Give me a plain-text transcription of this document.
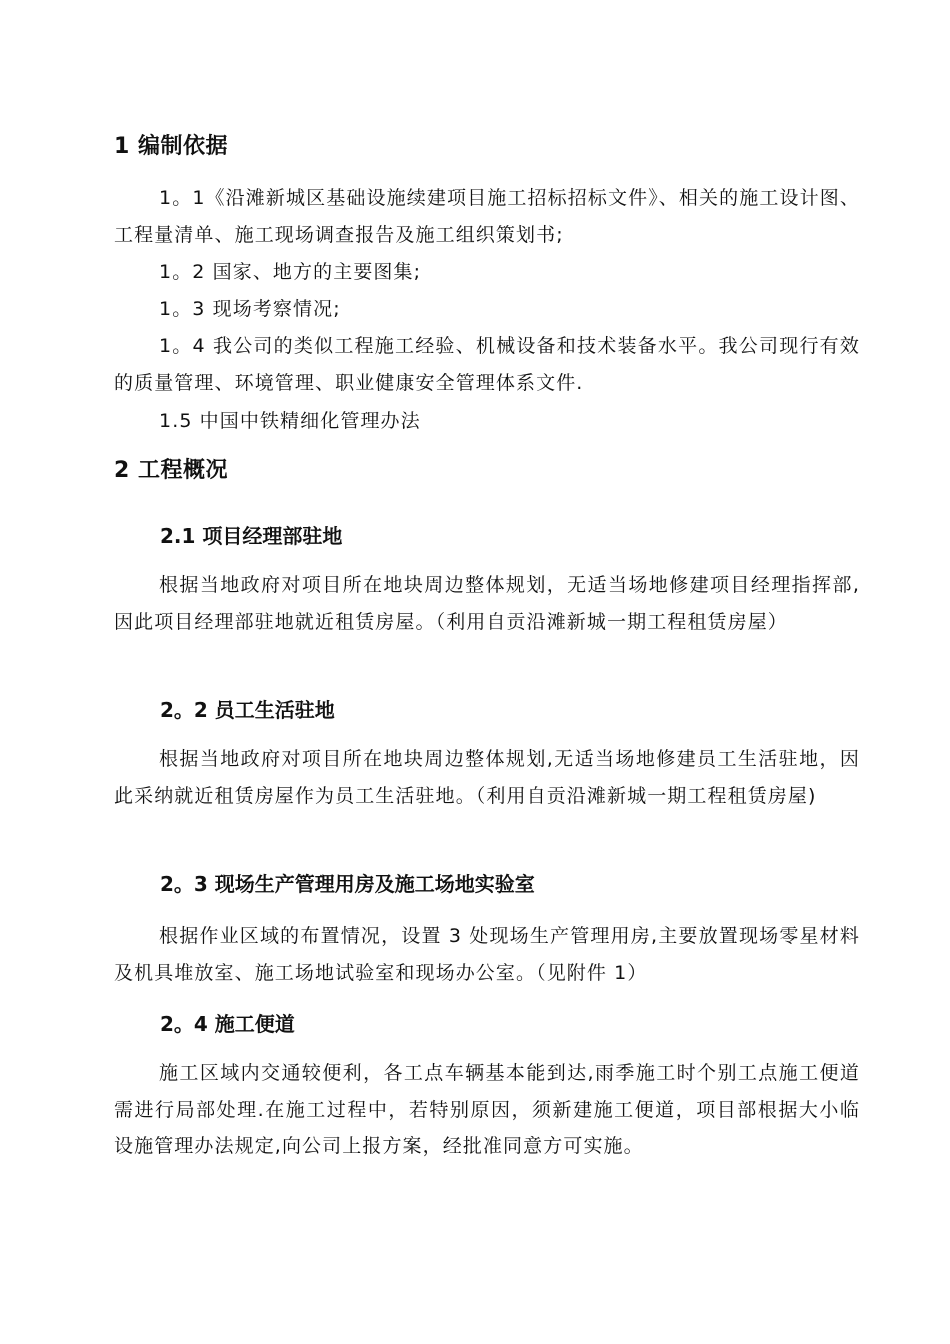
1 编制依据

1。1《沿滩新城区基础设施续建项目施工招标招标文件》、相关的施工设计图、工程量清单、施工现场调查报告及施工组织策划书;

1。2 国家、地方的主要图集;

1。3 现场考察情况;

1。4 我公司的类似工程施工经验、机械设备和技术装备水平。我公司现行有效的质量管理、环境管理、职业健康安全管理体系文件.

1.5 中国中铁精细化管理办法

2 工程概况
2.1 项目经理部驻地

根据当地政府对项目所在地块周边整体规划，无适当场地修建项目经理指挥部,因此项目经理部驻地就近租赁房屋。（利用自贡沿滩新城一期工程租赁房屋）

2。2 员工生活驻地

根据当地政府对项目所在地块周边整体规划,无适当场地修建员工生活驻地，因此采纳就近租赁房屋作为员工生活驻地。（利用自贡沿滩新城一期工程租赁房屋)

2。3 现场生产管理用房及施工场地实验室

根据作业区域的布置情况，设置 3 处现场生产管理用房,主要放置现场零星材料及机具堆放室、施工场地试验室和现场办公室。（见附件 1）

2。4 施工便道

施工区域内交通较便利，各工点车辆基本能到达,雨季施工时个别工点施工便道需进行局部处理.在施工过程中，若特别原因，须新建施工便道，项目部根据大小临设施管理办法规定,向公司上报方案，经批准同意方可实施。
